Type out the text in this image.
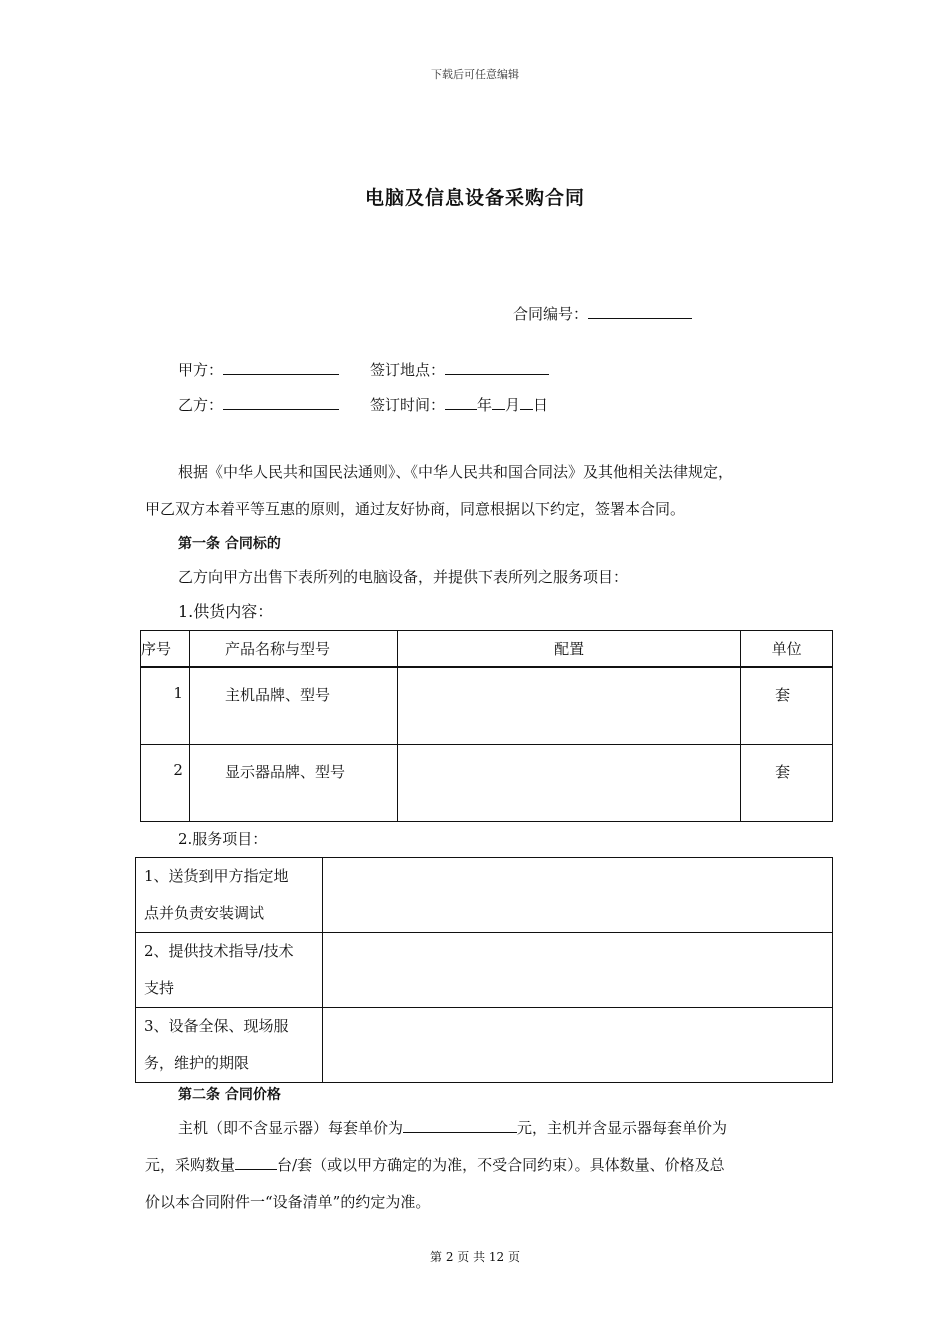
下载后可任意编辑
电脑及信息设备采购合同
合同编号：
甲方：	签订地点：
乙方：	签订时间： 年 月 日
根据《中华人民共和国民法通则》、《中华人民共和国合同法》及其他相关法律规定，
甲乙双方本着平等互惠的原则，通过友好协商，同意根据以下约定，签署本合同。
第一条 合同标的
乙方向甲方出售下表所列的电脑设备，并提供下表所列之服务项目：
1.供货内容：
序号	产品名称与型号	配置	单位
1	主机品牌、型号		套
2	显示器品牌、型号		套
2.服务项目：
1、送货到甲方指定地
点并负责安装调试	

2、提供技术指导/技术
支持	

3、设备全保、现场服
务，维护的期限	

第二条 合同价格
主机（即不含显示器）每套单价为	元，主机并含显示器每套单价为
元，采购数量	台/套（或以甲方确定的为准，不受合同约束）。具体数量、价格及总
价以本合同附件一“设备清单”的约定为准。
第 2 页 共 12 页
